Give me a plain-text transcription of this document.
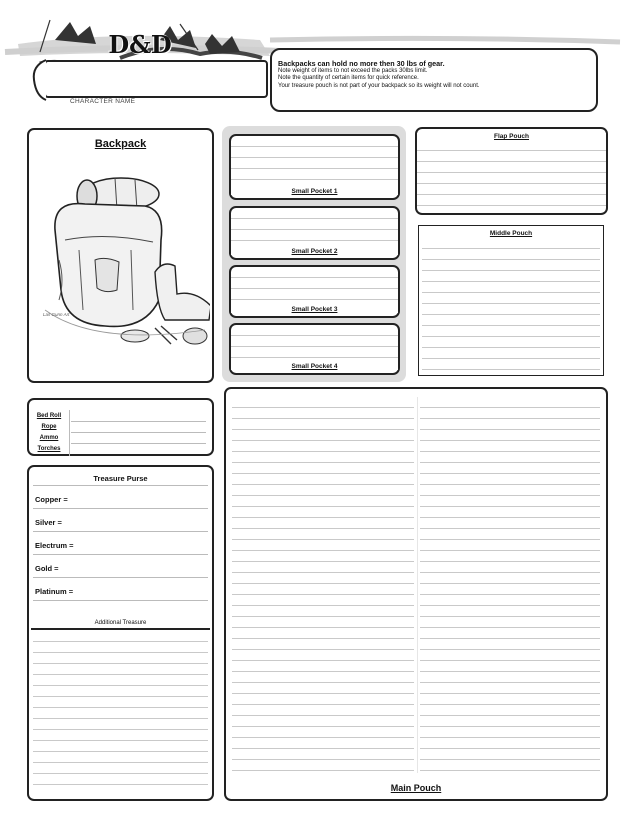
D&D
CHARACTER NAME
Backpacks can hold no more then 30 lbs of gear.
Note weight of items to not exceed the packs 30lbs limit.
Note the quantity of certain items for quick reference.
Your treasure pouch is not part of your backpack so its weight will not count.
Backpack
Las Gunn Art
Small Pocket 1
Small Pocket 2
Small Pocket 3
Small Pocket 4
Flap Pouch
Middle Pouch
Bed Roll
Rope
Ammo
Torches
Treasure Purse
Copper =
Silver =
Electrum =
Gold =
Platinum =
Additional Treasure
Main Pouch
